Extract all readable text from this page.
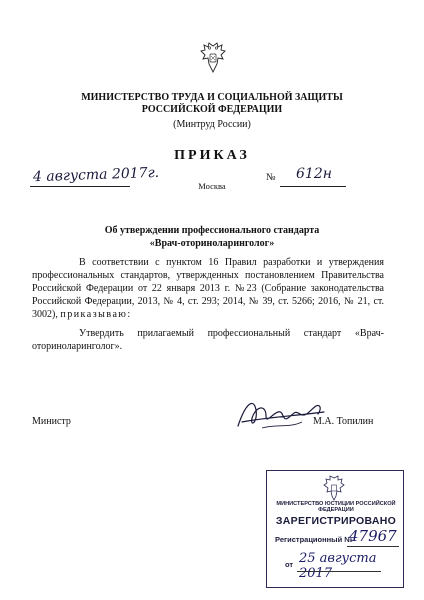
МИНИСТЕРСТВО ТРУДА И СОЦИАЛЬНОЙ ЗАЩИТЫ
РОССИЙСКОЙ ФЕДЕРАЦИИ
(Минтруд России)
ПРИКАЗ
4 августа 2017г.	№ 612н
Москва
Об утверждении профессионального стандарта
«Врач-оториноларинголог»
В соответствии с пунктом 16 Правил разработки и утверждения профессиональных стандартов, утвержденных постановлением Правительства Российской Федерации от 22 января 2013 г. №23 (Собрание законодательства Российской Федерации, 2013, № 4, ст. 293; 2014, № 39, ст. 5266; 2016, № 21, ст. 3002), приказываю:
Утвердить прилагаемый профессиональный стандарт «Врач-оториноларинголог».
Министр	М.А. Топилин
МИНИСТЕРСТВО ЮСТИЦИИ РОССИЙСКОЙ ФЕДЕРАЦИИ
ЗАРЕГИСТРИРОВАНО
Регистрационный №
47967
от 25 августа 2017
